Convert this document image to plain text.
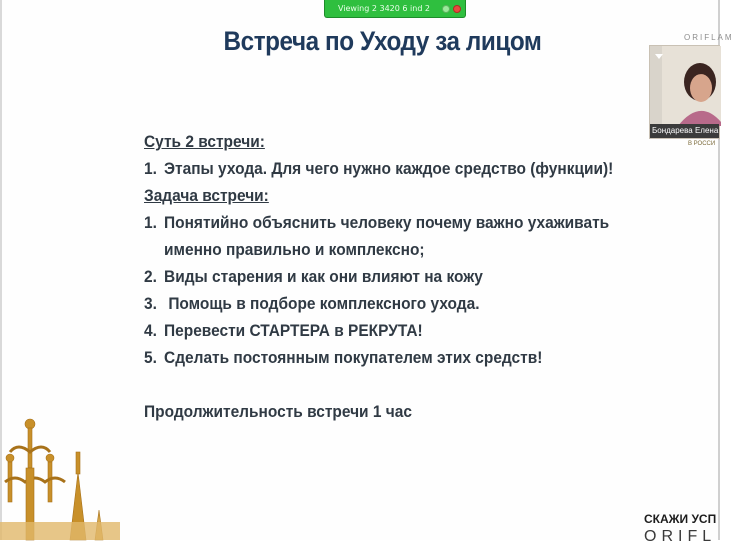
Встреча по Уходу за лицом
Суть 2 встречи:
1. Этапы ухода. Для чего нужно каждое средство (функции)!
Задача встречи:
1. Понятийно объяснить человеку почему важно ухаживать
именно правильно и комплексно;
2. Виды старения и как они влияют на кожу
3. Помощь в подборе комплексного ухода.
4. Перевести СТАРТЕРА в РЕКРУТА!
5. Сделать постоянным покупателем этих средств!
Продолжительность встречи 1 час
ORIFLAM
Бондарева Елена
В РОССИ
СКАЖИ УСП
ORIFL
Viewing 2 3420 6 ind 2
